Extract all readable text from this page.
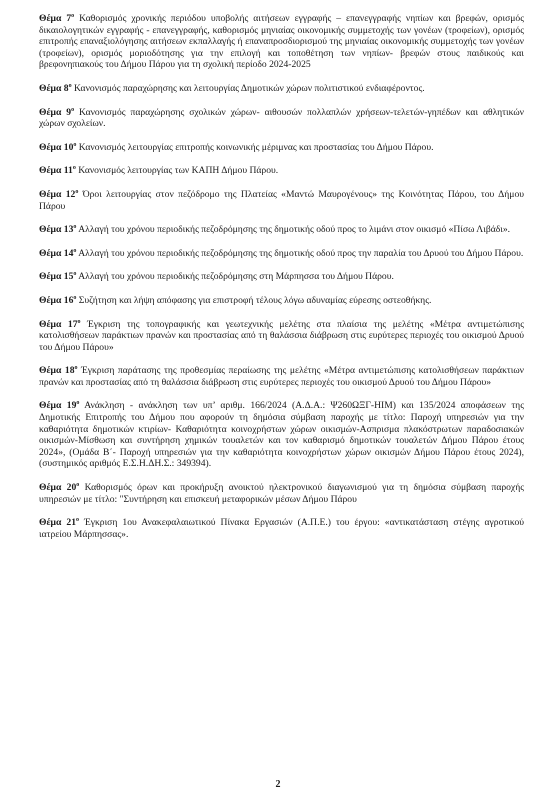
Θέμα $7^o$ Καθορισμός χρονικής περιόδου υποβολής αιτήσεων εγγραφής – επανεγγραφής νηπίων και βρεφών, ορισμός δικαιολογητικών εγγραφής - επανεγγραφής, καθορισμός μηνιαίας οικονομικής συμμετοχής των γονέων (τροφείων), ορισμός επιτροπής επαναξιολόγησης αιτήσεων εκπαλλαγής ή επαναπροσδιορισμού της μηνιαίας οικονομικής συμμετοχής των γονέων (τροφείων), ορισμός μοριοδότησης για την επιλογή και τοποθέτηση των νηπίων- βρεφών στους παιδικούς και βρεφονηπιακούς του Δήμου Πάρου για τη σχολική περίοδο 2024-2025

Θέμα $8^o$ Κανονισμός παραχώρησης και λειτουργίας Δημοτικών χώρων πολιτιστικού ενδιαφέροντος.

Θέμα $9^o$ Κανονισμός παραχώρησης σχολικών χώρων- αιθουσών πολλαπλών χρήσεων-τελετών-γηπέδων και αθλητικών χώρων σχολείων.

Θέμα $10^o$ Κανονισμός λειτουργίας επιτροπής κοινωνικής μέριμνας και προστασίας του Δήμου Πάρου.

Θέμα $11^o$ Κανονισμός λειτουργίας των ΚΑΠΗ Δήμου Πάρου.

Θέμα $12^o$ Όροι λειτουργίας στον πεζόδρομο της Πλατείας «Μαντώ Μαυρογένους» της Κοινότητας Πάρου, του Δήμου Πάρου

Θέμα $13^o$ Αλλαγή του χρόνου περιοδικής πεζοδρόμησης της δημοτικής οδού προς το λιμάνι στον οικισμό «Πίσω Λιβάδι».

Θέμα $14^o$ Αλλαγή του χρόνου περιοδικής πεζοδρόμησης της δημοτικής οδού προς την παραλία του Δρυού του Δήμου Πάρου.

Θέμα $15^o$ Αλλαγή του χρόνου περιοδικής πεζοδρόμησης στη Μάρπησσα του Δήμου Πάρου.

Θέμα $16^o$ Συζήτηση και λήψη απόφασης για επιστροφή τέλους λόγω αδυναμίας εύρεσης οστεοθήκης.

Θέμα $17^o$ Έγκριση της τοπογραφικής και γεωτεχνικής μελέτης στα πλαίσια της μελέτης «Μέτρα αντιμετώπισης κατολισθήσεων παράκτιων πρανών και προστασίας από τη θαλάσσια διάβρωση στις ευρύτερες περιοχές του οικισμού Δρυού του Δήμου Πάρου»

Θέμα $18^o$ Έγκριση παράτασης της προθεσμίας περαίωσης της μελέτης «Μέτρα αντιμετώπισης κατολισθήσεων παράκτιων πρανών και προστασίας από τη θαλάσσια διάβρωση στις ευρύτερες περιοχές του οικισμού Δρυού του Δήμου Πάρου»

Θέμα $19^o$ Ανάκληση - ανάκληση των υπ’ αριθμ. 166/2024 (Α.Δ.Α.: Ψ260ΩΞΓ-ΗΙΜ) και 135/2024 αποφάσεων της Δημοτικής Επιτροπής του Δήμου που αφορούν τη δημόσια σύμβαση παροχής με τίτλο: Παροχή υπηρεσιών για την καθαριότητα δημοτικών κτιρίων- Καθαριότητα κοινοχρήστων χώρων οικισμών-Ασπρισμα πλακόστρωτων παραδοσιακών οικισμών-Μίσθωση και συντήρηση χημικών τουαλετών και τον καθαρισμό δημοτικών τουαλετών Δήμου Πάρου έτους 2024», (Ομάδα Β΄- Παροχή υπηρεσιών για την καθαριότητα κοινοχρήστων χώρων οικισμών Δήμου Πάρου έτους 2024), (συστημικός αριθμός Ε.Σ.Η.ΔΗ.Σ.: 349394).

Θέμα $20^o$ Καθορισμός όρων και προκήρυξη ανοικτού ηλεκτρονικού διαγωνισμού για τη δημόσια σύμβαση παροχής υπηρεσιών με τίτλο: "Συντήρηση και επισκευή μεταφορικών μέσων Δήμου Πάρου

Θέμα $21^o$ Έγκριση 1ου Ανακεφαλαιωτικού Πίνακα Εργασιών (Α.Π.Ε.) του έργου: «αντικατάσταση στέγης αγροτικού ιατρείου Μάρπησσας».

2
